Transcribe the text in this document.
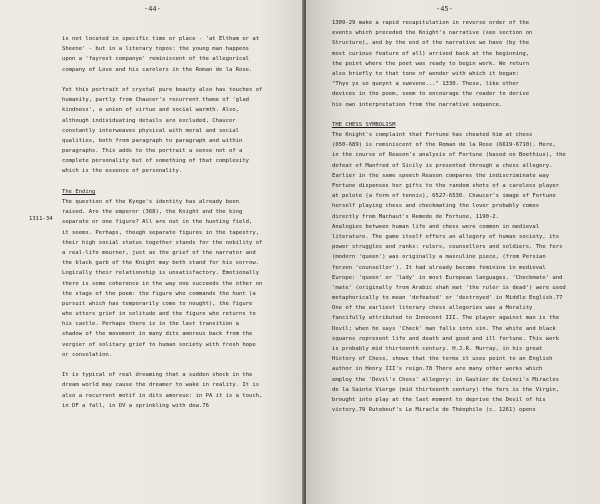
-44-
1311-34
is not located in specific time or place - 'at Eltham or at
Sheene' - but in a literary topos: the young man happens
upon a 'fayrest companye' reminiscent of the allegorical
company of Love and his carolers in the Roman de la Rose.
Yet this portrait of crystal pure beauty also has touches of
humanity, partly from Chaucer's recurrent theme of 'glad
kindness', a union of virtue and social warmth. Also,
although individuating details are excluded, Chaucer
constantly interweaves physical with moral and social
qualities, both from paragraph to paragraph and within
paragraphs. This adds to the portrait a sense not of a
complete personality but of something of that complexity
which is the essence of personality.
The Ending
The question of the Kynge's identity has already been
raised. Are the emperor (368), the Knight and the king
separate or one figure? All are out in the hunting field,
it seems. Perhaps, though separate figures in the tapestry,
their high social status together stands for the nobility of
a real-life mourner, just as the grief of the narrator and
the black garb of the Knight may both stand for his sorrow.
Logically their relationship is unsatisfactory. Emotionally
there is some coherence in the way one succeeds the other on
the stage of the poem: the figure who commands the hunt (a
pursuit which has temporarily come to nought), the figure
who utters grief in solitude and the figure who returns to
his castle. Perhaps there is in the last transition a
shadow of the movement in many dits amoreux back from the
vergier of solitary grief to human society with fresh hope
or consolation.
It is typical of real dreaming that a sudden shock in the
dream world may cause the dreamer to wake in reality. It is
also a recurrent motif in dits amoreux: in PA it is a touch,
in DF a fall, in DV a sprinkling with dew.76
-45-
1309-29 make a rapid recapitulation in reverse order of the
events which preceded the Knight's narrative (see section on
Structure), and by the end of the narrative we have (by the
most curious feature of all) arrived back at the beginning,
the point where the poet was ready to begin work. We return
also briefly to that tone of wonder with which it began:
"Thys ys so queynt a swevene..." 1330. These, like other
devices in the poem, seem to encourage the reader to derive
his own interpretation from the narrative sequence.
THE CHESS SYMBOLISM
The Knight's complaint that Fortune has cheated him at chess
(650-689) is reminiscent of the Roman de la Rose (6619-6710). Here,
in the course of Reason's analysis of Fortune (based on Boethius), the
defeat of Manfred of Sicily is presented through a chess allegory.
Earlier in the same speech Reason compares the indiscriminate way
Fortune dispenses her gifts to the random shots of a careless player
at pelote (a form of tennis), 6527-6530. Chaucer's image of Fortune
herself playing chess and checkmating the lover probably comes
directly from Machaut's Remede de Fortune, 1190-2.
Analogies between human life and chess were common in medieval
literature. The game itself offers an allegory of human society, its
power struggles and ranks: rulers, counsellors and soldiers. The fers
(modern 'queen') was originally a masculine piece, (from Persian
ferzen 'counsellor'). It had already become feminine in medieval
Europe: 'queen' or 'lady' in most European languages. 'Checkmate' and
'mate' (originally from Arabic shah mat 'the ruler is dead') were used
metaphorically to mean 'defeated' or 'destroyed' in Middle English.77
One of the earliest literary chess allegories was a Morality
fancifully attributed to Innocent III. The player against man is the
Devil; when he says 'Check' man falls into sin. The white and black
squares represent life and death and good and ill fortune. This work
is probably mid thirteenth century. H.J.R. Murray, in his great
History of Chess, shows that the terms it uses point to an English
author in Henry III's reign.78 There are many other works which
employ the 'Devil's Chess' allegory: in Gautier de Coinci's Miracles
de la Sainte Vierge (mid thirteenth century) the fers is the Virgin,
brought into play at the last moment to deprive the Devil of his
victory.79 Rutebeuf's Le Miracle de Théophile (c. 1261) opens
